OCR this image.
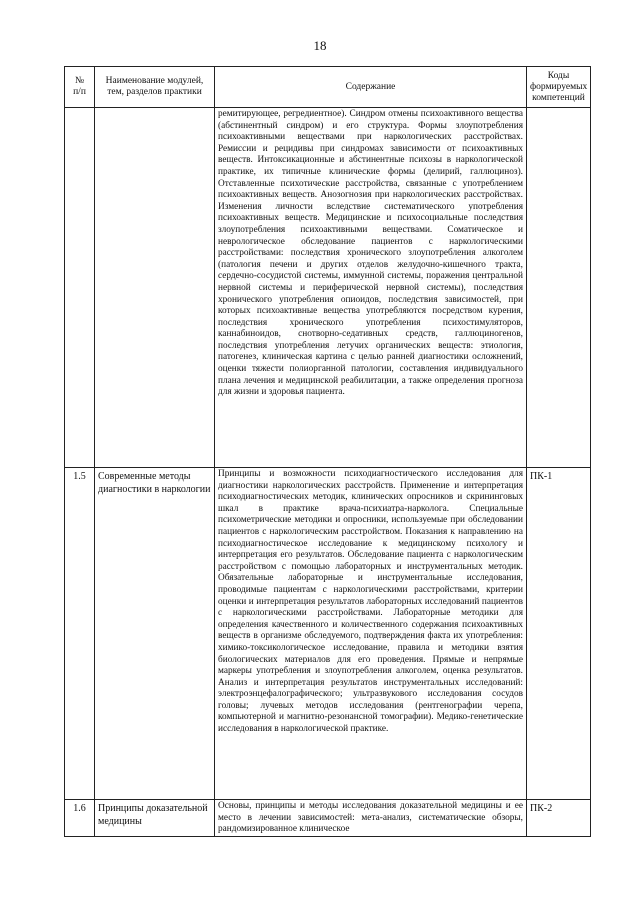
18
№
п/п	Наименование модулей, тем, разделов практики	Содержание	Коды формируемых компетенций
		ремитирующее, регредиентное). Синдром отмены психоактивного вещества (абстинентный синдром) и его структура. Формы злоупотребления психоактивными веществами при наркологических расстройствах. Ремиссии и рецидивы при синдромах зависимости от психоактивных веществ. Интоксикационные и абстинентные психозы в наркологической практике, их типичные клинические формы (делирий, галлюциноз). Отставленные психотические расстройства, связанные с употреблением психоактивных веществ. Анозогнозия при наркологических расстройствах. Изменения личности вследствие систематического употребления психоактивных веществ. Медицинские и психосоциальные последствия злоупотребления психоактивными веществами. Соматическое и неврологическое обследование пациентов с наркологическими расстройствами: последствия хронического злоупотребления алкоголем (патология печени и других отделов желудочно-кишечного тракта, сердечно-сосудистой системы, иммунной системы, поражения центральной нервной системы и периферической нервной системы), последствия хронического употребления опиоидов, последствия зависимостей, при которых психоактивные вещества употребляются посредством курения, последствия хронического употребления психостимуляторов, каннабиноидов, снотворно-седативных средств, галлюциногенов, последствия употребления летучих органических веществ: этиология, патогенез, клиническая картина с целью ранней диагностики осложнений, оценки тяжести полиорганной патологии, составления индивидуального плана лечения и медицинской реабилитации, а также определения прогноза для жизни и здоровья пациента.	
1.5	Современные методы диагностики в наркологии	Принципы и возможности психодиагностического исследования для диагностики наркологических расстройств. Применение и интерпретация психодиагностических методик, клинических опросников и скрининговых шкал в практике врача-психиатра-нарколога. Специальные психометрические методики и опросники, используемые при обследовании пациентов с наркологическим расстройством. Показания к направлению на психодиагностическое исследование к медицинскому психологу и интерпретация его результатов. Обследование пациента с наркологическим расстройством с помощью лабораторных и инструментальных методик. Обязательные лабораторные и инструментальные исследования, проводимые пациентам с наркологическими расстройствами, критерии оценки и интерпретация результатов лабораторных исследований пациентов с наркологическими расстройствами. Лабораторные методики для определения качественного и количественного содержания психоактивных веществ в организме обследуемого, подтверждения факта их употребления: химико-токсикологическое исследование, правила и методики взятия биологических материалов для его проведения. Прямые и непрямые маркеры употребления и злоупотребления алкоголем, оценка результатов. Анализ и интерпретация результатов инструментальных исследований: электроэнцефалографического; ультразвукового исследования сосудов головы; лучевых методов исследования (рентгенографии черепа, компьютерной и магнитно-резонансной томографии). Медико-генетические исследования в наркологической практике.	ПК-1
1.6	Принципы доказательной медицины	Основы, принципы и методы исследования доказательной медицины и ее место в лечении зависимостей: мета-анализ, систематические обзоры, рандомизированное клиническое	ПК-2
